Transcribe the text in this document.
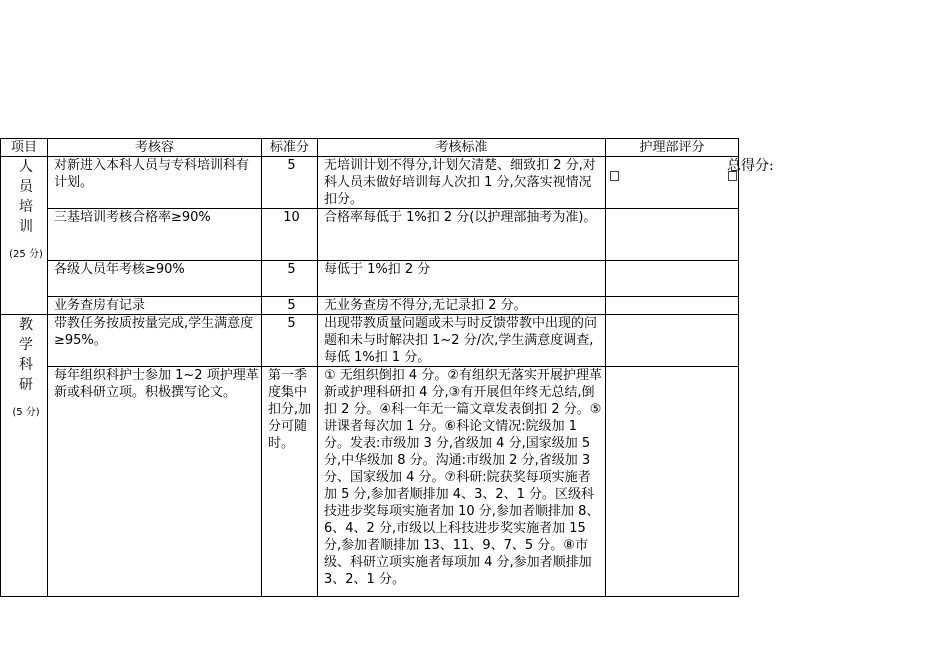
项目	考核容	标准分	考核标准	护理部评分

人
员
培
训
(25 分)	对新进入本科人员与专科培训科有计划。	5	无培训计划不得分,计划欠清楚、细致扣 2 分,对科人员未做好培训每人次扣 1 分,欠落实视情况扣分。	
	三基培训考核合格率≥90%	10	合格率每低于 1%扣 2 分(以护理部抽考为准)。	
	各级人员年考核≥90%	5	每低于 1%扣 2 分	
	业务查房有记录	5	无业务查房不得分,无记录扣 2 分。	

教
学
科
研
(5 分)	带教任务按质按量完成,学生满意度≥95%。	5	出现带教质量问题或未与时反馈带教中出现的问题和未与时解决扣 1~2 分/次,学生满意度调查,每低 1%扣 1 分。	
	每年组织科护士参加 1~2 项护理革新或科研立项。积极撰写论文。	第一季度集中扣分,加分可随时。	① 无组织倒扣 4 分。②有组织无落实开展护理革新或护理科研扣 4 分,③有开展但年终无总结,倒扣 2 分。④科一年无一篇文章发表倒扣 2 分。⑤讲课者每次加 1 分。⑥科论文情况:院级加 1 分。发表:市级加 3 分,省级加 4 分,国家级加 5 分,中华级加 8 分。沟通:市级加 2 分,省级加 3 分、国家级加 4 分。⑦科研:院获奖每项实施者加 5 分,参加者顺排加 4、3、2、1 分。区级科技进步奖每项实施者加 10 分,参加者顺排加 8、6、4、2 分,市级以上科技进步奖实施者加 15 分,参加者顺排加 13、11、9、7、5 分。⑧市级、科研立项实施者每项加 4 分,参加者顺排加 3、2、1 分。	
总得分:
